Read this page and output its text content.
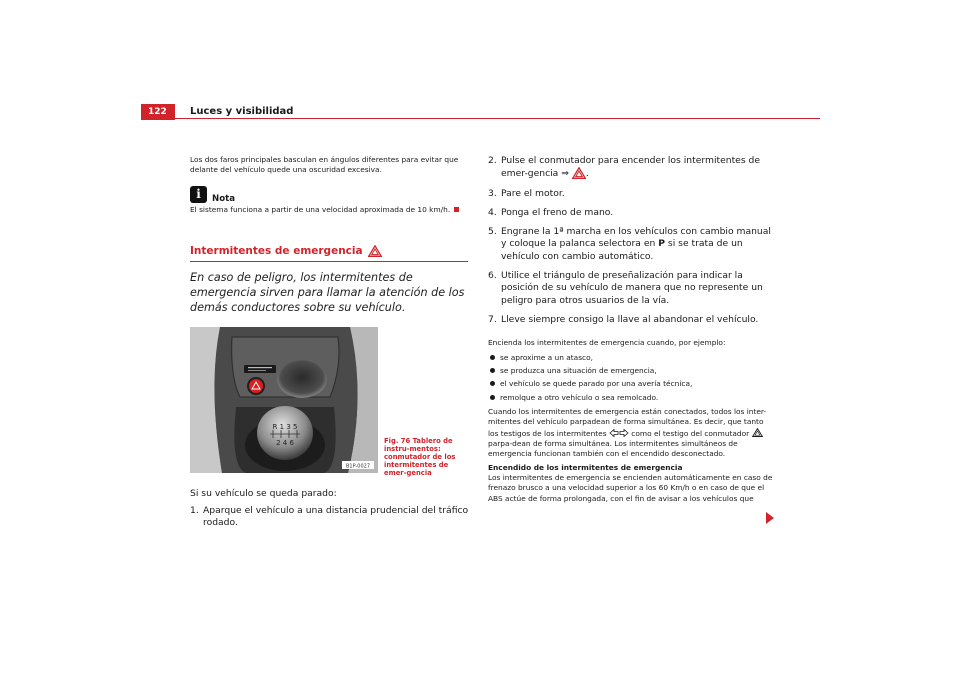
122	Luces y visibilidad

Los dos faros principales basculan en ángulos diferentes para evitar que delante del vehículo quede una oscuridad excesiva.

i
Nota

El sistema funciona a partir de una velocidad aproximada de 10 km/h.

Intermitentes de emergencia

En caso de peligro, los intermitentes de emergencia sirven para llamar la atención de los demás conductores sobre su vehículo.

R 1 3 5
2 4 6
B1P-0027
Fig. 76 Tablero de instru-mentos: conmutador de los intermitentes de emer-gencia

Si su vehículo se queda parado:

1. Aparque el vehículo a una distancia prudencial del tráfico rodado.
2. Pulse el conmutador para encender los intermitentes de emer-gencia ⇒ .
3. Pare el motor.
4. Ponga el freno de mano.
5. Engrane la 1ª marcha en los vehículos con cambio manual y coloque la palanca selectora en P si se trata de un vehículo con cambio automático.
6. Utilice el triángulo de preseñalización para indicar la posición de su vehículo de manera que no represente un peligro para otros usuarios de la vía.
7. Lleve siempre consigo la llave al abandonar el vehículo.

Encienda los intermitentes de emergencia cuando, por ejemplo:

se aproxime a un atasco,
se produzca una situación de emergencia,
el vehículo se quede parado por una avería técnica,
remolque a otro vehículo o sea remolcado.

Cuando los intermitentes de emergencia están conectados, todos los inter-mitentes del vehículo parpadean de forma simultánea. Es decir, que tanto los testigos de los intermitentes	como el testigo del conmutador  parpa-dean de forma simultánea. Los intermitentes simultáneos de emergencia funcionan también con el encendido desconectado.

Encendido de los intermitentes de emergencia

Los intermitentes de emergencia se encienden automáticamente en caso de frenazo brusco a una velocidad superior a los 60 Km/h o en caso de que el ABS actúe de forma prolongada, con el fin de avisar a los vehículos que
